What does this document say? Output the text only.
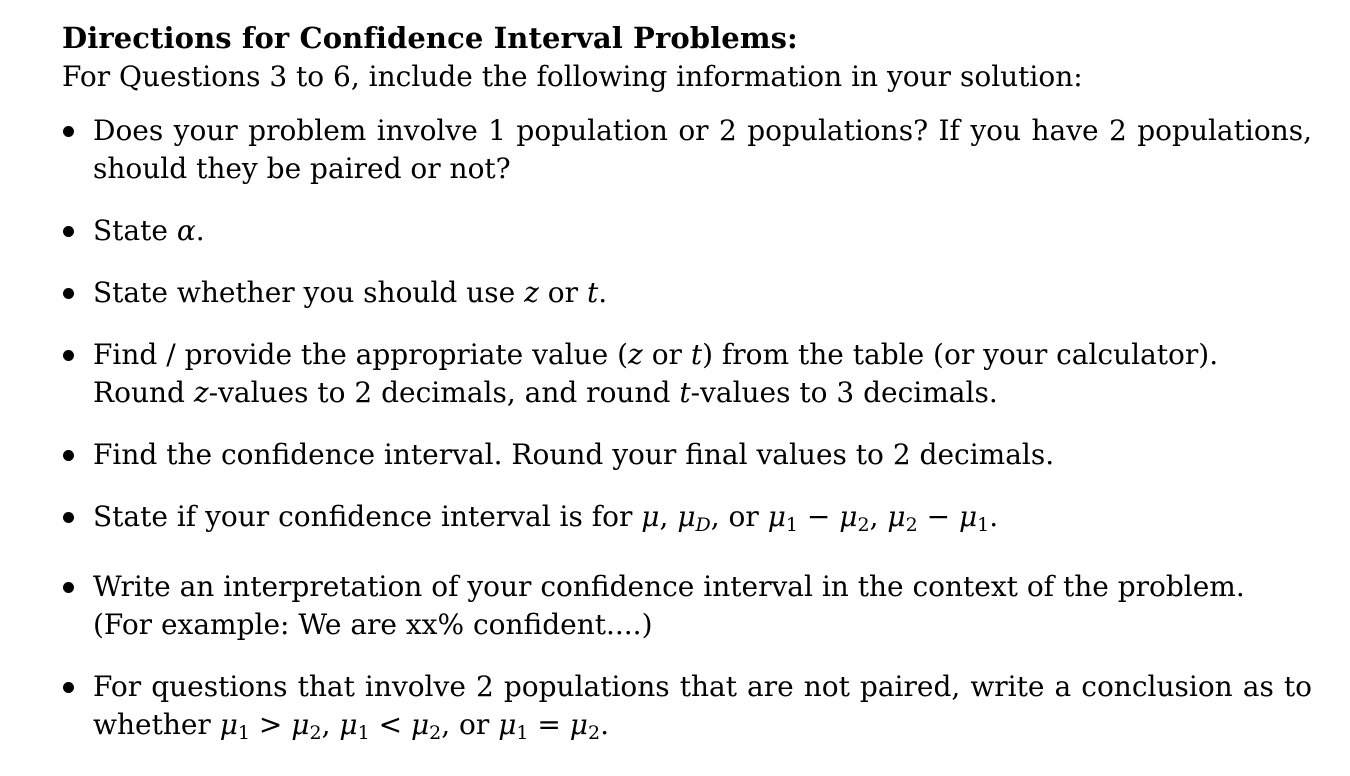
Directions for Confidence Interval Problems:

For Questions 3 to 6, include the following information in your solution:

Does your problem involve 1 population or 2 populations? If you have 2 populations,
should they be paired or not?
State α.
State whether you should use z or t.
Find / provide the appropriate value (z or t) from the table (or your calculator).
Round z-values to 2 decimals, and round t-values to 3 decimals.
Find the confidence interval. Round your final values to 2 decimals.
State if your confidence interval is for μ, μD, or $\mu_1 - \mu_2$, $\mu_2 - \mu_1$.
Write an interpretation of your confidence interval in the context of the problem.
(For example: We are xx% confident....)
For questions that involve 2 populations that are not paired, write a conclusion as to
whether $\mu_1 > \mu_2$, $\mu_1 < \mu_2$, or $\mu_1 = \mu_2$.
